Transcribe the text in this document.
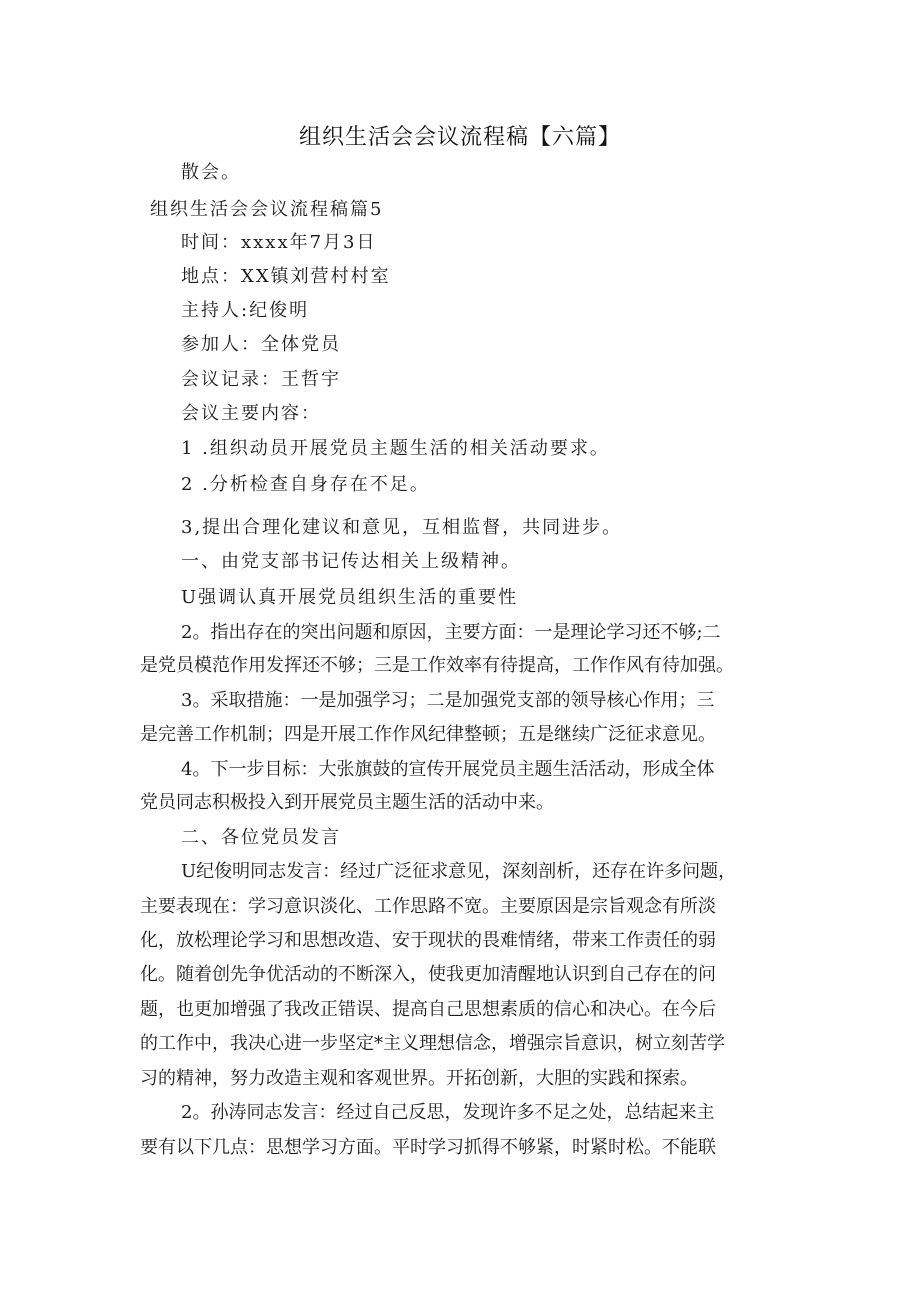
组织生活会会议流程稿【六篇】
散会。
组织生活会会议流程稿篇5
时间：xxxx年7月3日
地点：XX镇刘营村村室
主持人:纪俊明
参加人：全体党员
会议记录：王哲宇
会议主要内容：
1 .组织动员开展党员主题生活的相关活动要求。
2 .分析检查自身存在不足。
3,提出合理化建议和意见，互相监督，共同进步。
一、由党支部书记传达相关上级精神。
U强调认真开展党员组织生活的重要性
2。指出存在的突出问题和原因，主要方面：一是理论学习还不够;二
是党员模范作用发挥还不够；三是工作效率有待提高，工作作风有待加强。
3。采取措施：一是加强学习；二是加强党支部的领导核心作用；三
是完善工作机制；四是开展工作作风纪律整顿；五是继续广泛征求意见。
4。下一步目标：大张旗鼓的宣传开展党员主题生活活动，形成全体
党员同志积极投入到开展党员主题生活的活动中来。
二、各位党员发言
U纪俊明同志发言：经过广泛征求意见，深刻剖析，还存在许多问题，
主要表现在：学习意识淡化、工作思路不宽。主要原因是宗旨观念有所淡
化，放松理论学习和思想改造、安于现状的畏难情绪，带来工作责任的弱
化。随着创先争优活动的不断深入，使我更加清醒地认识到自己存在的问
题，也更加增强了我改正错误、提高自己思想素质的信心和决心。在今后
的工作中，我决心进一步坚定*主义理想信念，增强宗旨意识，树立刻苦学
习的精神，努力改造主观和客观世界。开拓创新，大胆的实践和探索。
2。孙涛同志发言：经过自己反思，发现许多不足之处，总结起来主
要有以下几点：思想学习方面。平时学习抓得不够紧，时紧时松。不能联
